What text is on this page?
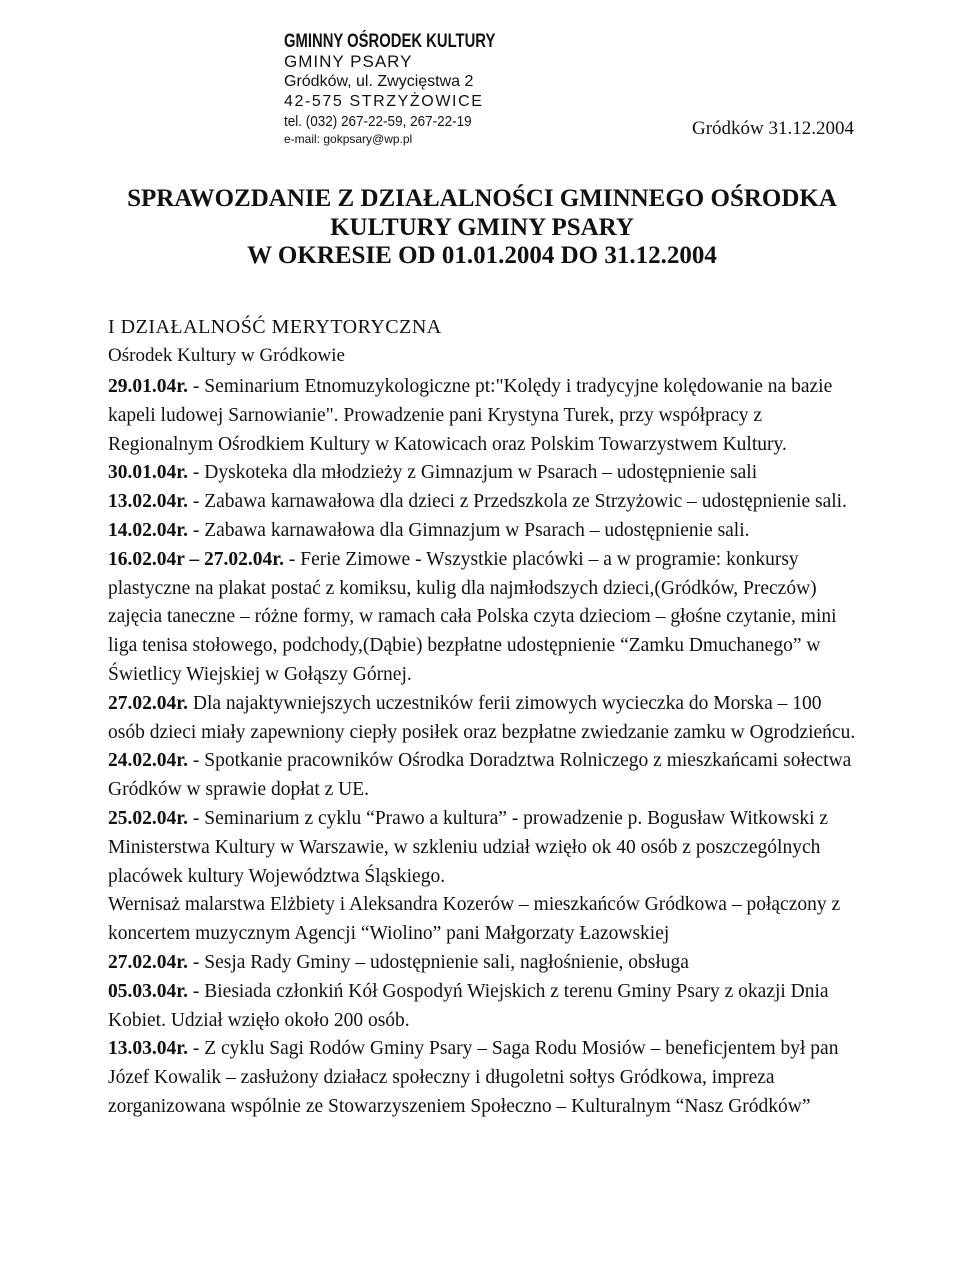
GMINNY OŚRODEK KULTURY
GMINY PSARY
Gródków, ul. Zwycięstwa 2
42-575 STRZYŻOWICE
tel. (032) 267-22-59, 267-22-19
e-mail: gokpsary@wp.pl	Gródków 31.12.2004
SPRAWOZDANIE Z DZIAŁALNOŚCI GMINNEGO OŚRODKA
KULTURY GMINY PSARY
W OKRESIE OD 01.01.2004 DO 31.12.2004
I DZIAŁALNOŚĆ MERYTORYCZNA
Ośrodek Kultury w Gródkowie
29.01.04r. - Seminarium Etnomuzykologiczne pt:"Kolędy i tradycyjne kolędowanie na bazie kapeli ludowej Sarnowianie". Prowadzenie pani Krystyna Turek, przy współpracy z Regionalnym Ośrodkiem Kultury w Katowicach oraz Polskim Towarzystwem Kultury.
30.01.04r. - Dyskoteka dla młodzieży z Gimnazjum w Psarach – udostępnienie sali
13.02.04r. - Zabawa karnawałowa dla dzieci z Przedszkola ze Strzyżowic – udostępnienie sali.
14.02.04r. - Zabawa karnawałowa dla Gimnazjum w Psarach – udostępnienie sali.
16.02.04r – 27.02.04r. - Ferie Zimowe - Wszystkie placówki – a w programie: konkursy plastyczne na plakat postać z komiksu, kulig dla najmłodszych dzieci,(Gródków, Preczów) zajęcia taneczne – różne formy, w ramach cała Polska czyta dzieciom – głośne czytanie, mini liga tenisa stołowego, podchody,(Dąbie) bezpłatne udostępnienie “Zamku Dmuchanego” w Świetlicy Wiejskiej w Gołąszy Górnej.
27.02.04r. Dla najaktywniejszych uczestników ferii zimowych wycieczka do Morska – 100 osób dzieci miały zapewniony ciepły posiłek oraz bezpłatne zwiedzanie zamku w Ogrodzieńcu.
24.02.04r. - Spotkanie pracowników Ośrodka Doradztwa Rolniczego z mieszkańcami sołectwa Gródków w sprawie dopłat z UE.
25.02.04r. - Seminarium z cyklu “Prawo a kultura” - prowadzenie p. Bogusław Witkowski z Ministerstwa Kultury w Warszawie, w szkleniu udział wzięło ok 40 osób z poszczególnych placówek kultury Województwa Śląskiego.
Wernisaż malarstwa Elżbiety i Aleksandra Kozerów – mieszkańców Gródkowa – połączony z koncertem muzycznym Agencji “Wiolino” pani Małgorzaty Łazowskiej
27.02.04r. - Sesja Rady Gminy – udostępnienie sali, nagłośnienie, obsługa
05.03.04r. - Biesiada członkiń Kół Gospodyń Wiejskich z terenu Gminy Psary z okazji Dnia Kobiet. Udział wzięło około 200 osób.
13.03.04r. - Z cyklu Sagi Rodów Gminy Psary – Saga Rodu Mosiów – beneficjentem był pan Józef Kowalik – zasłużony działacz społeczny i długoletni sołtys Gródkowa, impreza zorganizowana wspólnie ze Stowarzyszeniem Społeczno – Kulturalnym “Nasz Gródków”
